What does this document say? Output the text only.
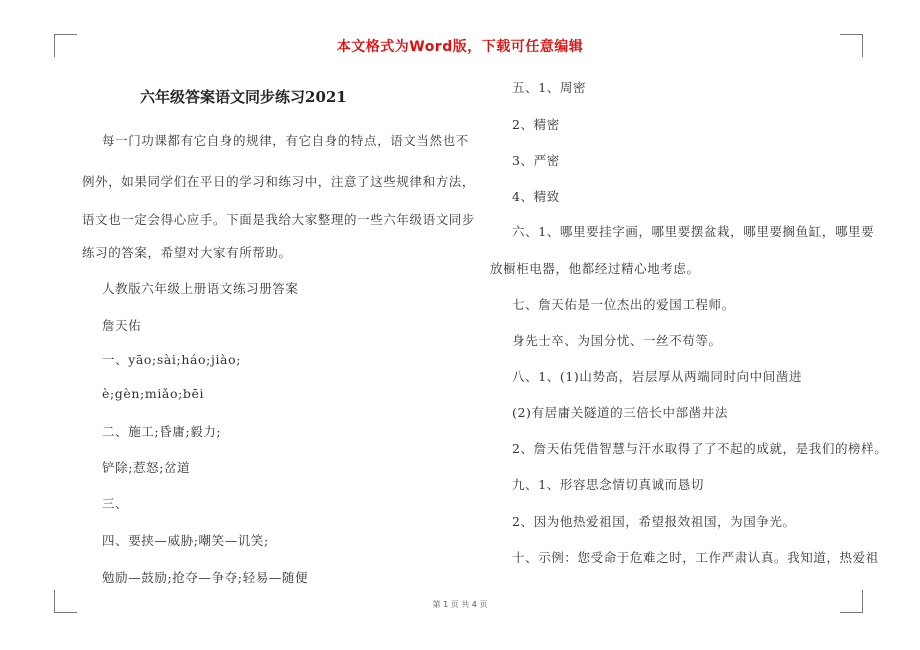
本文格式为Word版，下载可任意编辑
六年级答案语文同步练习2021
每一门功课都有它自身的规律，有它自身的特点，语文当然也不
例外，如果同学们在平日的学习和练习中，注意了这些规律和方法，
语文也一定会得心应手。下面是我给大家整理的一些六年级语文同步
练习的答案，希望对大家有所帮助。
人教版六年级上册语文练习册答案
詹天佑
一、yāo;sài;háo;jiào;
è;gèn;miǎo;bēi
二、施工;昏庸;毅力;
铲除;惹怒;岔道
三、
四、要挟—威胁;嘲笑—讥笑;
勉励—鼓励;抢夺—争夺;轻易—随便
五、1、周密
2、精密
3、严密
4、精致
六、1、哪里要挂字画，哪里要摆盆栽，哪里要搁鱼缸，哪里要
放橱柜电器，他都经过精心地考虑。
七、詹天佑是一位杰出的爱国工程师。
身先士卒、为国分忧、一丝不苟等。
八、1、(1)山势高，岩层厚从两端同时向中间凿进
(2)有居庸关隧道的三倍长中部凿井法
2、詹天佑凭借智慧与汗水取得了了不起的成就，是我们的榜样。
九、1、形容思念情切真诚而恳切
2、因为他热爱祖国，希望报效祖国，为国争光。
十、示例：您受命于危难之时，工作严肃认真。我知道，热爱祖
第 1 页 共 4 页
